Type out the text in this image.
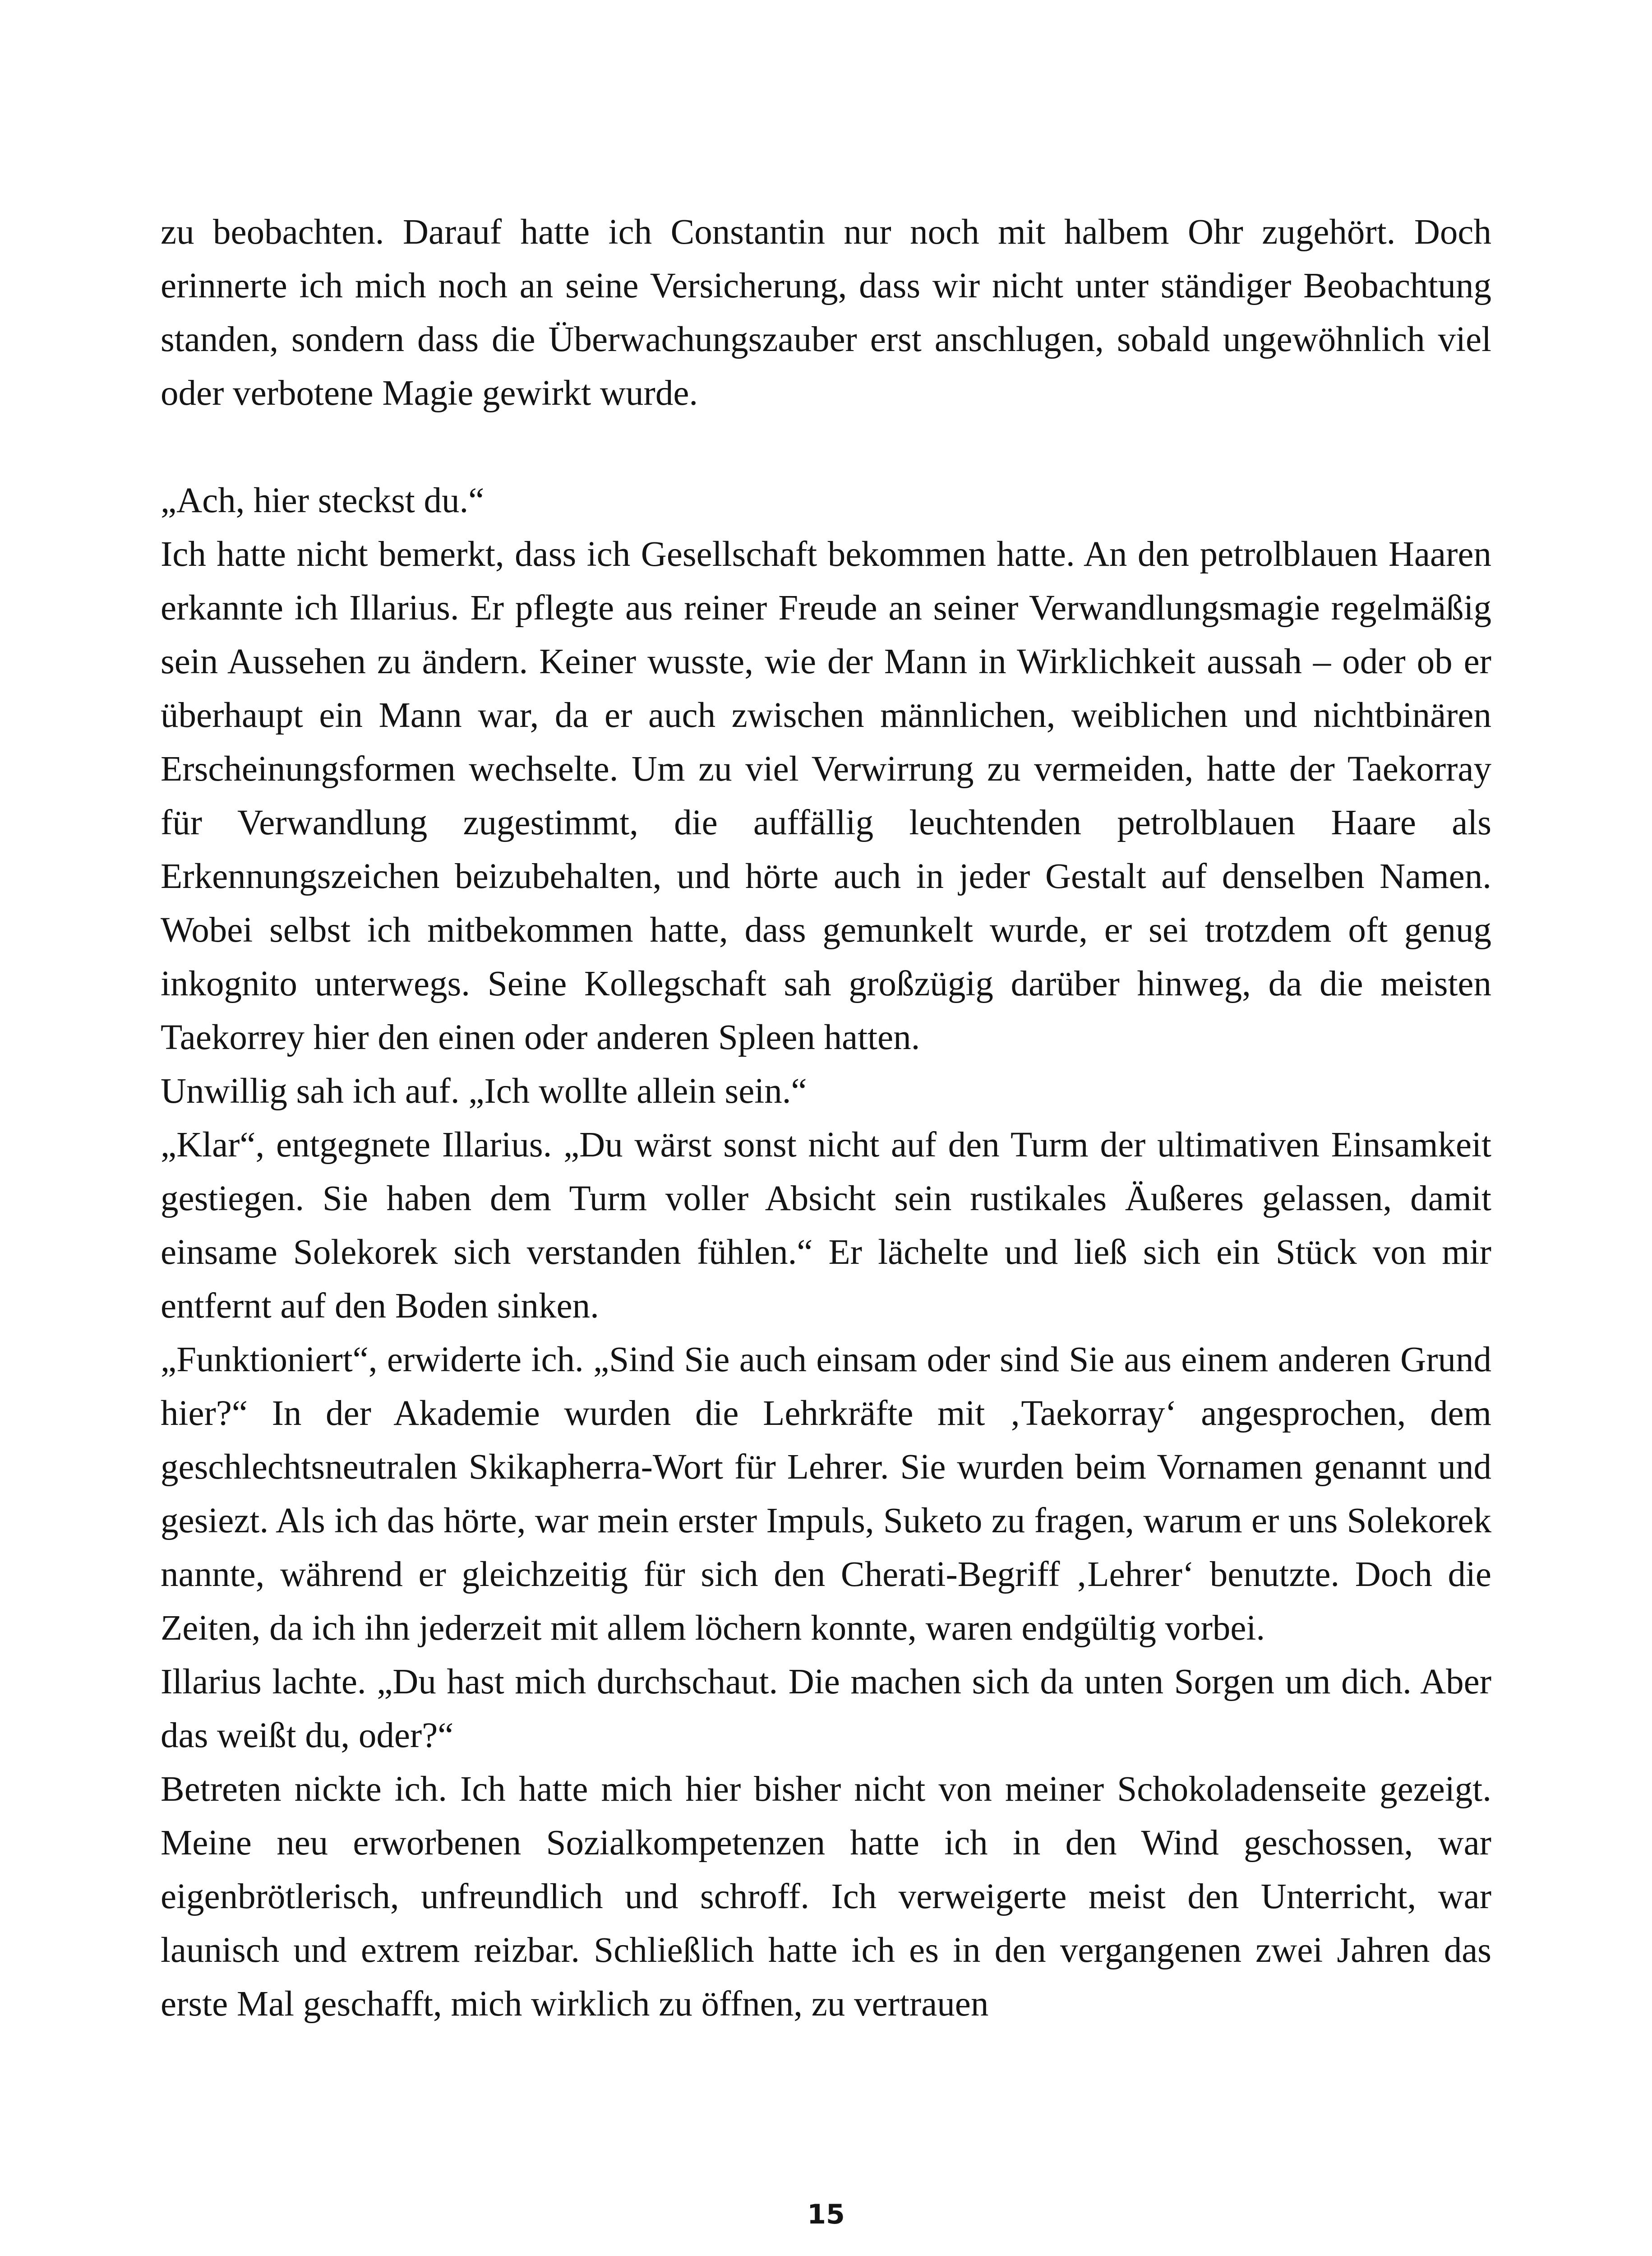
zu beobachten. Darauf hatte ich Constantin nur noch mit halbem Ohr zugehört. Doch erinnerte ich mich noch an seine Versicherung, dass wir nicht unter ständiger Beobachtung standen, sondern dass die Überwachungszauber erst anschlugen, sobald ungewöhnlich viel oder verbotene Magie gewirkt wurde.

„Ach, hier steckst du.“

Ich hatte nicht bemerkt, dass ich Gesellschaft bekommen hatte. An den petrolblauen Haaren erkannte ich Illarius. Er pflegte aus reiner Freude an seiner Verwandlungsmagie regelmäßig sein Aussehen zu ändern. Keiner wusste, wie der Mann in Wirklichkeit aussah – oder ob er überhaupt ein Mann war, da er auch zwischen männlichen, weiblichen und nichtbinären Erscheinungsformen wechselte. Um zu viel Verwirrung zu vermeiden, hatte der Taekorray für Verwandlung zugestimmt, die auffällig leuchtenden petrolblauen Haare als Erkennungszeichen beizubehalten, und hörte auch in jeder Gestalt auf denselben Namen. Wobei selbst ich mitbekommen hatte, dass gemunkelt wurde, er sei trotzdem oft genug inkognito unterwegs. Seine Kollegschaft sah großzügig darüber hinweg, da die meisten Taekorrey hier den einen oder anderen Spleen hatten.

Unwillig sah ich auf. „Ich wollte allein sein.“

„Klar“, entgegnete Illarius. „Du wärst sonst nicht auf den Turm der ultimativen Einsamkeit gestiegen. Sie haben dem Turm voller Absicht sein rustikales Äußeres gelassen, damit einsame Solekorek sich verstanden fühlen.“ Er lächelte und ließ sich ein Stück von mir entfernt auf den Boden sinken.

„Funktioniert“, erwiderte ich. „Sind Sie auch einsam oder sind Sie aus einem anderen Grund hier?“ In der Akademie wurden die Lehrkräfte mit ‚Taekorray‘ angesprochen, dem geschlechtsneutralen Skikapherra-Wort für Lehrer. Sie wurden beim Vornamen genannt und gesiezt. Als ich das hörte, war mein erster Impuls, Suketo zu fragen, warum er uns Solekorek nannte, während er gleichzeitig für sich den Cherati-Begriff ‚Lehrer‘ benutzte. Doch die Zeiten, da ich ihn jederzeit mit allem löchern konnte, waren endgültig vorbei.

Illarius lachte. „Du hast mich durchschaut. Die machen sich da unten Sorgen um dich. Aber das weißt du, oder?“

Betreten nickte ich. Ich hatte mich hier bisher nicht von meiner Schokoladenseite gezeigt. Meine neu erworbenen Sozialkompetenzen hatte ich in den Wind geschossen, war eigenbrötlerisch, unfreundlich und schroff. Ich verweigerte meist den Unterricht, war launisch und extrem reizbar. Schließlich hatte ich es in den vergangenen zwei Jahren das erste Mal geschafft, mich wirklich zu öffnen, zu vertrauen

15
